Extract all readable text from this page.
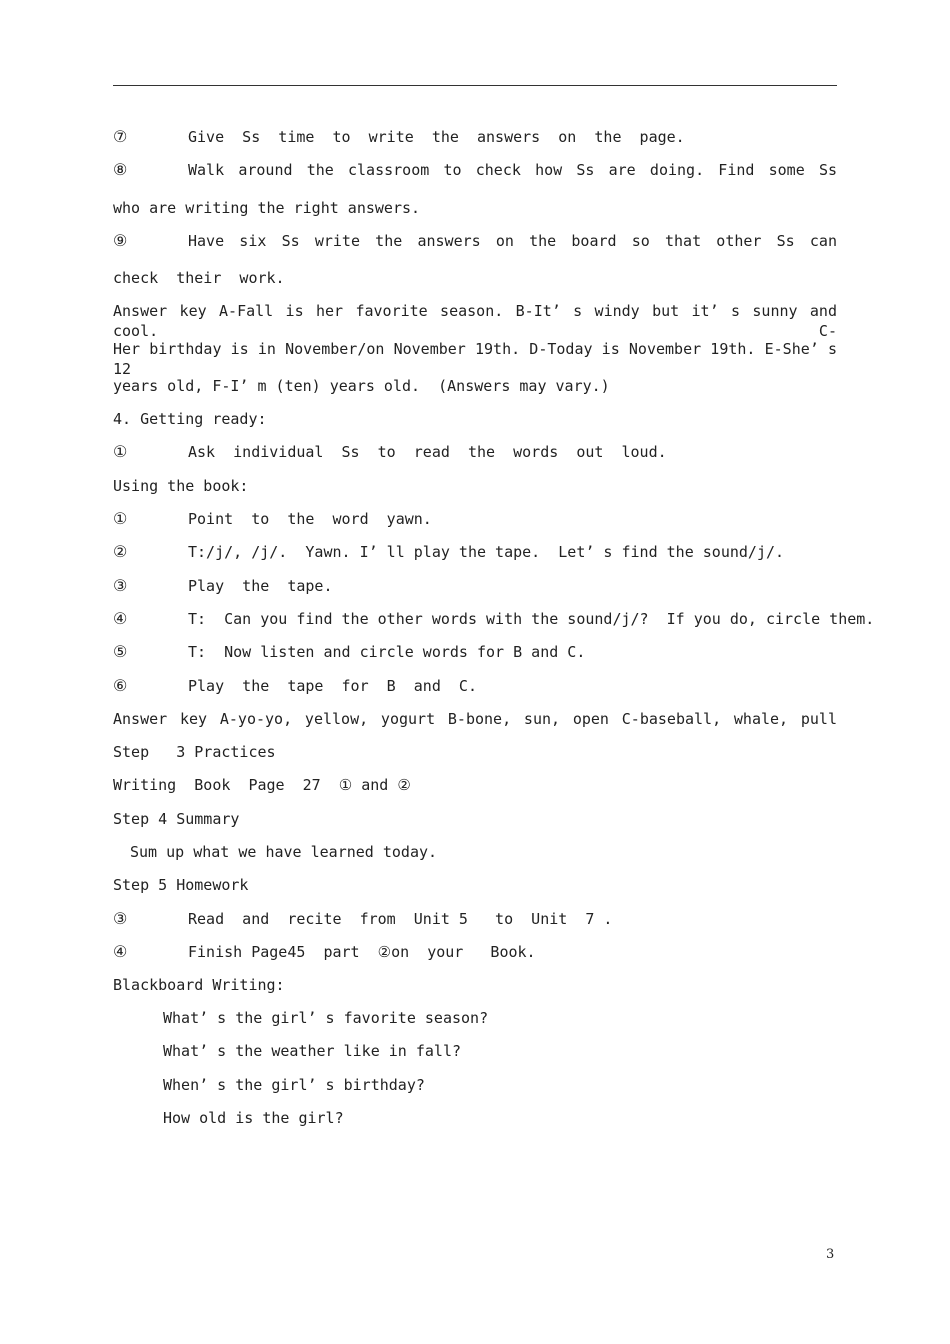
⑦	Give  Ss  time  to  write  the  answers  on  the  page.
⑧	Walk around the classroom to check how Ss are doing. Find some Ss
who are writing the right answers.
⑨	Have six Ss write the answers on the board so that other Ss can
check  their  work.
Answer key A-Fall is her favorite season. B-It’ s windy but it’ s sunny and cool. C-
Her birthday is in November/on November 19th. D-Today is November 19th. E-She’ s 12
years old, F-I’ m (ten) years old.  (Answers may vary.)
4. Getting ready:
①	Ask  individual  Ss  to  read  the  words  out  loud.
Using the book:
①	Point  to  the  word  yawn.
②	T:/j/, /j/.  Yawn. I’ ll play the tape.  Let’ s find the sound/j/.
③	Play  the  tape.
④	T:  Can you find the other words with the sound/j/?  If you do, circle them.
⑤	T:  Now listen and circle words for B and C.
⑥	Play  the  tape  for  B  and  C.
Answer key A-yo-yo, yellow, yogurt B-bone, sun, open C-baseball, whale, pull
Step   3 Practices
Writing  Book  Page  27  ① and ②
Step 4 Summary
Sum up what we have learned today.
Step 5 Homework
③	Read  and  recite  from  Unit 5   to  Unit  7 .
④	Finish Page45  part  ②on  your   Book.
Blackboard Writing:
What’ s the girl’ s favorite season?
What’ s the weather like in fall?
When’ s the girl’ s birthday?
How old is the girl?
3
